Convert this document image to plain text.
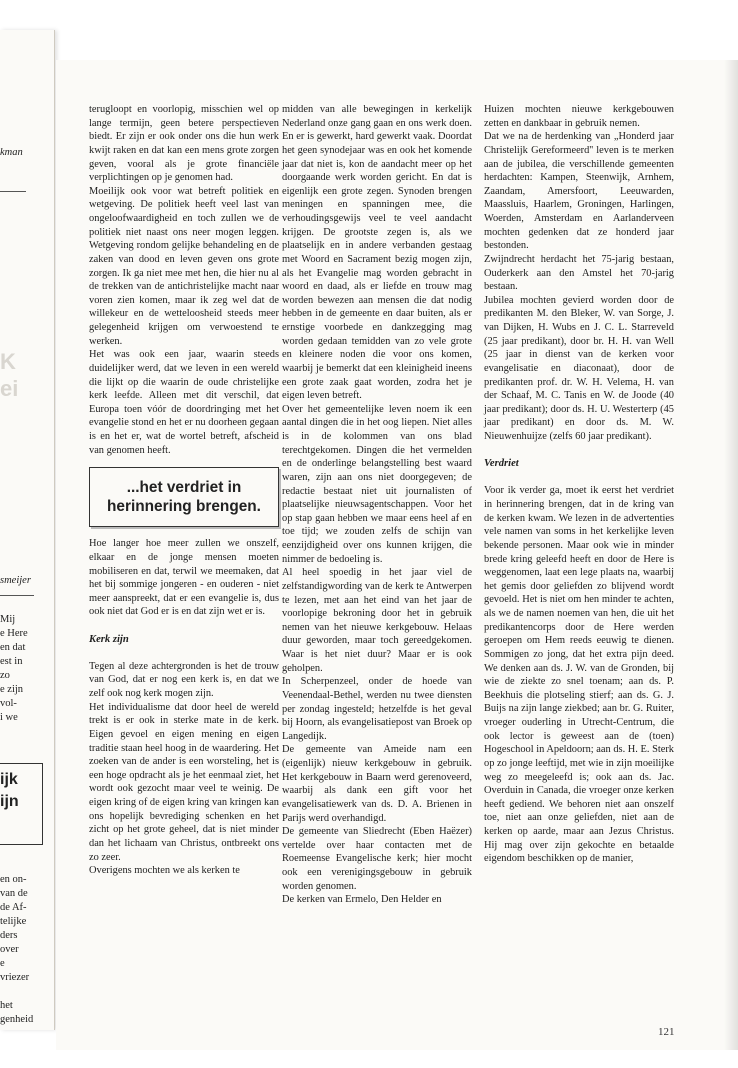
kman
K
ei
smeijer
Mij
e Here
en dat
est in
zo
e zijn
vol-
i we
ijk
ijn
en on-
van de
de Af-
telijke
ders
over
e
vriezer
het
genheid

terugloopt en voorlopig, misschien wel op lange termijn, geen betere perspectieven biedt. Er zijn er ook onder ons die hun werk kwijt raken en dat kan een mens grote zorgen geven, vooral als je grote financiële verplichtingen op je genomen had.

Moeilijk ook voor wat betreft politiek en wetgeving. De politiek heeft veel last van ongeloofwaardigheid en toch zullen we de politiek niet naast ons neer mogen leggen. Wetgeving rondom gelijke behandeling en de zaken van dood en leven geven ons grote zorgen. Ik ga niet mee met hen, die hier nu al de trekken van de antichristelijke macht naar voren zien komen, maar ik zeg wel dat de willekeur en de wetteloosheid steeds meer gelegenheid krijgen om verwoestend te werken.

Het was ook een jaar, waarin steeds duidelijker werd, dat we leven in een wereld die lijkt op die waarin de oude christelijke kerk leefde. Alleen met dit verschil, dat Europa toen vóór de doordringing met het evangelie stond en het er nu doorheen gegaan is en het er, wat de wortel betreft, afscheid van genomen heeft.

...het verdriet in
herinnering brengen.

Hoe langer hoe meer zullen we onszelf, elkaar en de jonge mensen moeten mobiliseren en dat, terwil we meemaken, dat het bij sommige jongeren - en ouderen - niet meer aanspreekt, dat er een evangelie is, dus ook niet dat God er is en dat zijn wet er is.

Kerk zijn

Tegen al deze achtergronden is het de trouw van God, dat er nog een kerk is, en dat we zelf ook nog kerk mogen zijn.

Het individualisme dat door heel de wereld trekt is er ook in sterke mate in de kerk. Eigen gevoel en eigen mening en eigen traditie staan heel hoog in de waardering. Het zoeken van de ander is een worsteling, het is een hoge opdracht als je het eenmaal ziet, het wordt ook gezocht maar veel te weinig. De eigen kring of de eigen kring van kringen kan ons hopelijk bevrediging schenken en het zicht op het grote geheel, dat is niet minder dan het lichaam van Christus, ontbreekt ons zo zeer.

Overigens mochten we als kerken te

midden van alle bewegingen in kerkelijk Nederland onze gang gaan en ons werk doen. En er is gewerkt, hard gewerkt vaak. Doordat het geen synodejaar was en ook het komende jaar dat niet is, kon de aandacht meer op het doorgaande werk worden gericht. En dat is eigenlijk een grote zegen. Synoden brengen meningen en spanningen mee, die verhoudingsgewijs veel te veel aandacht krijgen. De grootste zegen is, als we plaatselijk en in andere verbanden gestaag met Woord en Sacrament bezig mogen zijn, als het Evangelie mag worden gebracht in woord en daad, als er liefde en trouw mag worden bewezen aan mensen die dat nodig hebben in de gemeente en daar buiten, als er ernstige voorbede en dankzegging mag worden gedaan temidden van zo vele grote en kleinere noden die voor ons komen, waarbij je bemerkt dat een kleinigheid ineens een grote zaak gaat worden, zodra het je eigen leven betreft.

Over het gemeentelijke leven noem ik een aantal dingen die in het oog liepen. Niet alles is in de kolommen van ons blad terechtgekomen. Dingen die het vermelden en de onderlinge belangstelling best waard waren, zijn aan ons niet doorgegeven; de redactie bestaat niet uit journalisten of plaatselijke nieuwsagentschappen. Voor het op stap gaan hebben we maar eens heel af en toe tijd; we zouden zelfs de schijn van eenzijdigheid over ons kunnen krijgen, die nimmer de bedoeling is.

Al heel spoedig in het jaar viel de zelfstandigwording van de kerk te Antwerpen te lezen, met aan het eind van het jaar de voorlopige bekroning door het in gebruik nemen van het nieuwe kerkgebouw. Helaas duur geworden, maar toch gereedgekomen. Waar is het niet duur? Maar er is ook geholpen.

In Scherpenzeel, onder de hoede van Veenendaal-Bethel, werden nu twee diensten per zondag ingesteld; hetzelfde is het geval bij Hoorn, als evangelisatiepost van Broek op Langedijk.

De gemeente van Ameide nam een (eigenlijk) nieuw kerkgebouw in gebruik. Het kerkgebouw in Baarn werd gerenoveerd, waarbij als dank een gift voor het evangelisatiewerk van ds. D. A. Brienen in Parijs werd overhandigd.

De gemeente van Sliedrecht (Eben Haëzer) vertelde over haar contacten met de Roemeense Evangelische kerk; hier mocht ook een verenigingsgebouw in gebruik worden genomen.

De kerken van Ermelo, Den Helder en

Huizen mochten nieuwe kerkgebouwen zetten en dankbaar in gebruik nemen.

Dat we na de herdenking van „Honderd jaar Christelijk Gereformeerd'' leven is te merken aan de jubilea, die verschillende gemeenten herdachten: Kampen, Steenwijk, Arnhem, Zaandam, Amersfoort, Leeuwarden, Maassluis, Haarlem, Groningen, Harlingen, Woerden, Amsterdam en Aarlanderveen mochten gedenken dat ze honderd jaar bestonden.

Zwijndrecht herdacht het 75-jarig bestaan, Ouderkerk aan den Amstel het 70-jarig bestaan.

Jubilea mochten gevierd worden door de predikanten M. den Bleker, W. van Sorge, J. van Dijken, H. Wubs en J. C. L. Starreveld (25 jaar predikant), door br. H. H. van Well (25 jaar in dienst van de kerken voor evangelisatie en diaconaat), door de predikanten prof. dr. W. H. Velema, H. van der Schaaf, M. C. Tanis en W. de Joode (40 jaar predikant); door ds. H. U. Westerterp (45 jaar predikant) en door ds. M. W. Nieuwenhuijze (zelfs 60 jaar predikant).

Verdriet

Voor ik verder ga, moet ik eerst het verdriet in herinnering brengen, dat in de kring van de kerken kwam. We lezen in de advertenties vele namen van soms in het kerkelijke leven bekende personen. Maar ook wie in minder brede kring geleefd heeft en door de Here is weggenomen, laat een lege plaats na, waarbij het gemis door geliefden zo blijvend wordt gevoeld. Het is niet om hen minder te achten, als we de namen noemen van hen, die uit het predikantencorps door de Here werden geroepen om Hem reeds eeuwig te dienen. Sommigen zo jong, dat het extra pijn deed. We denken aan ds. J. W. van de Gronden, bij wie de ziekte zo snel toenam; aan ds. P. Beekhuis die plotseling stierf; aan ds. G. J. Buijs na zijn lange ziekbed; aan br. G. Ruiter, vroeger ouderling in Utrecht-Centrum, die ook lector is geweest aan de (toen) Hogeschool in Apeldoorn; aan ds. H. E. Sterk op zo jonge leeftijd, met wie in zijn moeilijke weg zo meegeleefd is; ook aan ds. Jac. Overduin in Canada, die vroeger onze kerken heeft gediend. We behoren niet aan onszelf toe, niet aan onze geliefden, niet aan de kerken op aarde, maar aan Jezus Christus. Hij mag over zijn gekochte en betaalde eigendom beschikken op de manier,

121
